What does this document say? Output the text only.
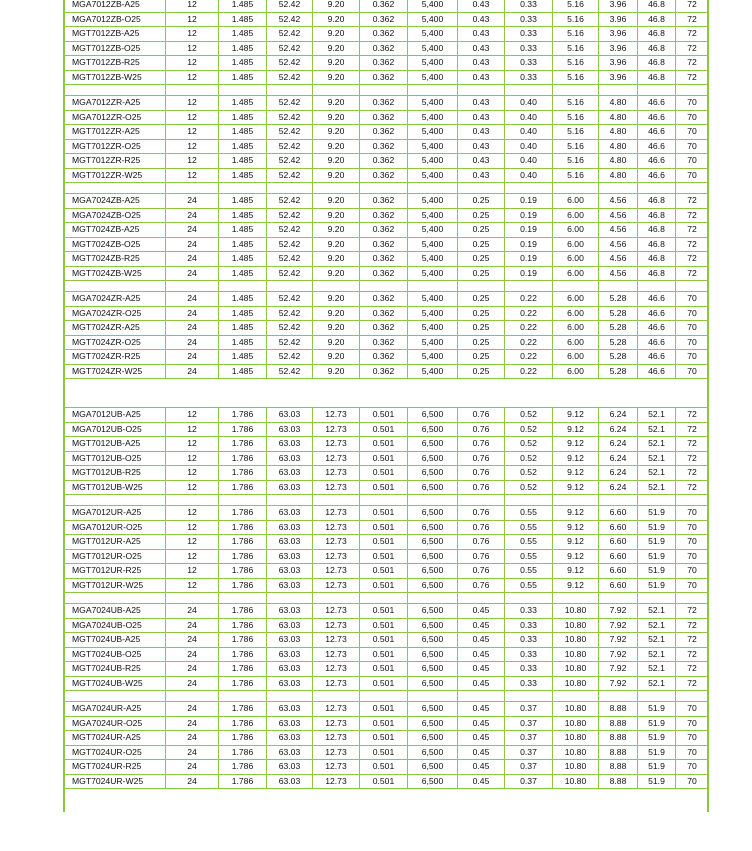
MGA7012ZB-A25	12	1.485	52.42	9.20	0.362	5,400	0.43	0.33	5.16	3.96	46.8	72
MGA7012ZB-O25	12	1.485	52.42	9.20	0.362	5,400	0.43	0.33	5.16	3.96	46.8	72
MGT7012ZB-A25	12	1.485	52.42	9.20	0.362	5,400	0.43	0.33	5.16	3.96	46.8	72
MGT7012ZB-O25	12	1.485	52.42	9.20	0.362	5,400	0.43	0.33	5.16	3.96	46.8	72
MGT7012ZB-R25	12	1.485	52.42	9.20	0.362	5,400	0.43	0.33	5.16	3.96	46.8	72
MGT7012ZB-W25	12	1.485	52.42	9.20	0.362	5,400	0.43	0.33	5.16	3.96	46.8	72

MGA7012ZR-A25	12	1.485	52.42	9.20	0.362	5,400	0.43	0.40	5.16	4.80	46.6	70
MGA7012ZR-O25	12	1.485	52.42	9.20	0.362	5,400	0.43	0.40	5.16	4.80	46.6	70
MGT7012ZR-A25	12	1.485	52.42	9.20	0.362	5,400	0.43	0.40	5.16	4.80	46.6	70
MGT7012ZR-O25	12	1.485	52.42	9.20	0.362	5,400	0.43	0.40	5.16	4.80	46.6	70
MGT7012ZR-R25	12	1.485	52.42	9.20	0.362	5,400	0.43	0.40	5.16	4.80	46.6	70
MGT7012ZR-W25	12	1.485	52.42	9.20	0.362	5,400	0.43	0.40	5.16	4.80	46.6	70

MGA7024ZB-A25	24	1.485	52.42	9.20	0.362	5,400	0.25	0.19	6.00	4.56	46.8	72
MGA7024ZB-O25	24	1.485	52.42	9.20	0.362	5,400	0.25	0.19	6.00	4.56	46.8	72
MGT7024ZB-A25	24	1.485	52.42	9.20	0.362	5,400	0.25	0.19	6.00	4.56	46.8	72
MGT7024ZB-O25	24	1.485	52.42	9.20	0.362	5,400	0.25	0.19	6.00	4.56	46.8	72
MGT7024ZB-R25	24	1.485	52.42	9.20	0.362	5,400	0.25	0.19	6.00	4.56	46.8	72
MGT7024ZB-W25	24	1.485	52.42	9.20	0.362	5,400	0.25	0.19	6.00	4.56	46.8	72

MGA7024ZR-A25	24	1.485	52.42	9.20	0.362	5,400	0.25	0.22	6.00	5.28	46.6	70
MGA7024ZR-O25	24	1.485	52.42	9.20	0.362	5,400	0.25	0.22	6.00	5.28	46.6	70
MGT7024ZR-A25	24	1.485	52.42	9.20	0.362	5,400	0.25	0.22	6.00	5.28	46.6	70
MGT7024ZR-O25	24	1.485	52.42	9.20	0.362	5,400	0.25	0.22	6.00	5.28	46.6	70
MGT7024ZR-R25	24	1.485	52.42	9.20	0.362	5,400	0.25	0.22	6.00	5.28	46.6	70
MGT7024ZR-W25	24	1.485	52.42	9.20	0.362	5,400	0.25	0.22	6.00	5.28	46.6	70
MGA7012UB-A25	12	1.786	63.03	12.73	0.501	6,500	0.76	0.52	9.12	6.24	52.1	72
MGA7012UB-O25	12	1.786	63.03	12.73	0.501	6,500	0.76	0.52	9.12	6.24	52.1	72
MGT7012UB-A25	12	1.786	63.03	12.73	0.501	6,500	0.76	0.52	9.12	6.24	52.1	72
MGT7012UB-O25	12	1.786	63.03	12.73	0.501	6,500	0.76	0.52	9.12	6.24	52.1	72
MGT7012UB-R25	12	1.786	63.03	12.73	0.501	6,500	0.76	0.52	9.12	6.24	52.1	72
MGT7012UB-W25	12	1.786	63.03	12.73	0.501	6,500	0.76	0.52	9.12	6.24	52.1	72

MGA7012UR-A25	12	1.786	63.03	12.73	0.501	6,500	0.76	0.55	9.12	6.60	51.9	70
MGA7012UR-O25	12	1.786	63.03	12.73	0.501	6,500	0.76	0.55	9.12	6.60	51.9	70
MGT7012UR-A25	12	1.786	63.03	12.73	0.501	6,500	0.76	0.55	9.12	6.60	51.9	70
MGT7012UR-O25	12	1.786	63.03	12.73	0.501	6,500	0.76	0.55	9.12	6.60	51.9	70
MGT7012UR-R25	12	1.786	63.03	12.73	0.501	6,500	0.76	0.55	9.12	6.60	51.9	70
MGT7012UR-W25	12	1.786	63.03	12.73	0.501	6,500	0.76	0.55	9.12	6.60	51.9	70

MGA7024UB-A25	24	1.786	63.03	12.73	0.501	6,500	0.45	0.33	10.80	7.92	52.1	72
MGA7024UB-O25	24	1.786	63.03	12.73	0.501	6,500	0.45	0.33	10.80	7.92	52.1	72
MGT7024UB-A25	24	1.786	63.03	12.73	0.501	6,500	0.45	0.33	10.80	7.92	52.1	72
MGT7024UB-O25	24	1.786	63.03	12.73	0.501	6,500	0.45	0.33	10.80	7.92	52.1	72
MGT7024UB-R25	24	1.786	63.03	12.73	0.501	6,500	0.45	0.33	10.80	7.92	52.1	72
MGT7024UB-W25	24	1.786	63.03	12.73	0.501	6,500	0.45	0.33	10.80	7.92	52.1	72

MGA7024UR-A25	24	1.786	63.03	12.73	0.501	6,500	0.45	0.37	10.80	8.88	51.9	70
MGA7024UR-O25	24	1.786	63.03	12.73	0.501	6,500	0.45	0.37	10.80	8.88	51.9	70
MGT7024UR-A25	24	1.786	63.03	12.73	0.501	6,500	0.45	0.37	10.80	8.88	51.9	70
MGT7024UR-O25	24	1.786	63.03	12.73	0.501	6,500	0.45	0.37	10.80	8.88	51.9	70
MGT7024UR-R25	24	1.786	63.03	12.73	0.501	6,500	0.45	0.37	10.80	8.88	51.9	70
MGT7024UR-W25	24	1.786	63.03	12.73	0.501	6,500	0.45	0.37	10.80	8.88	51.9	70
